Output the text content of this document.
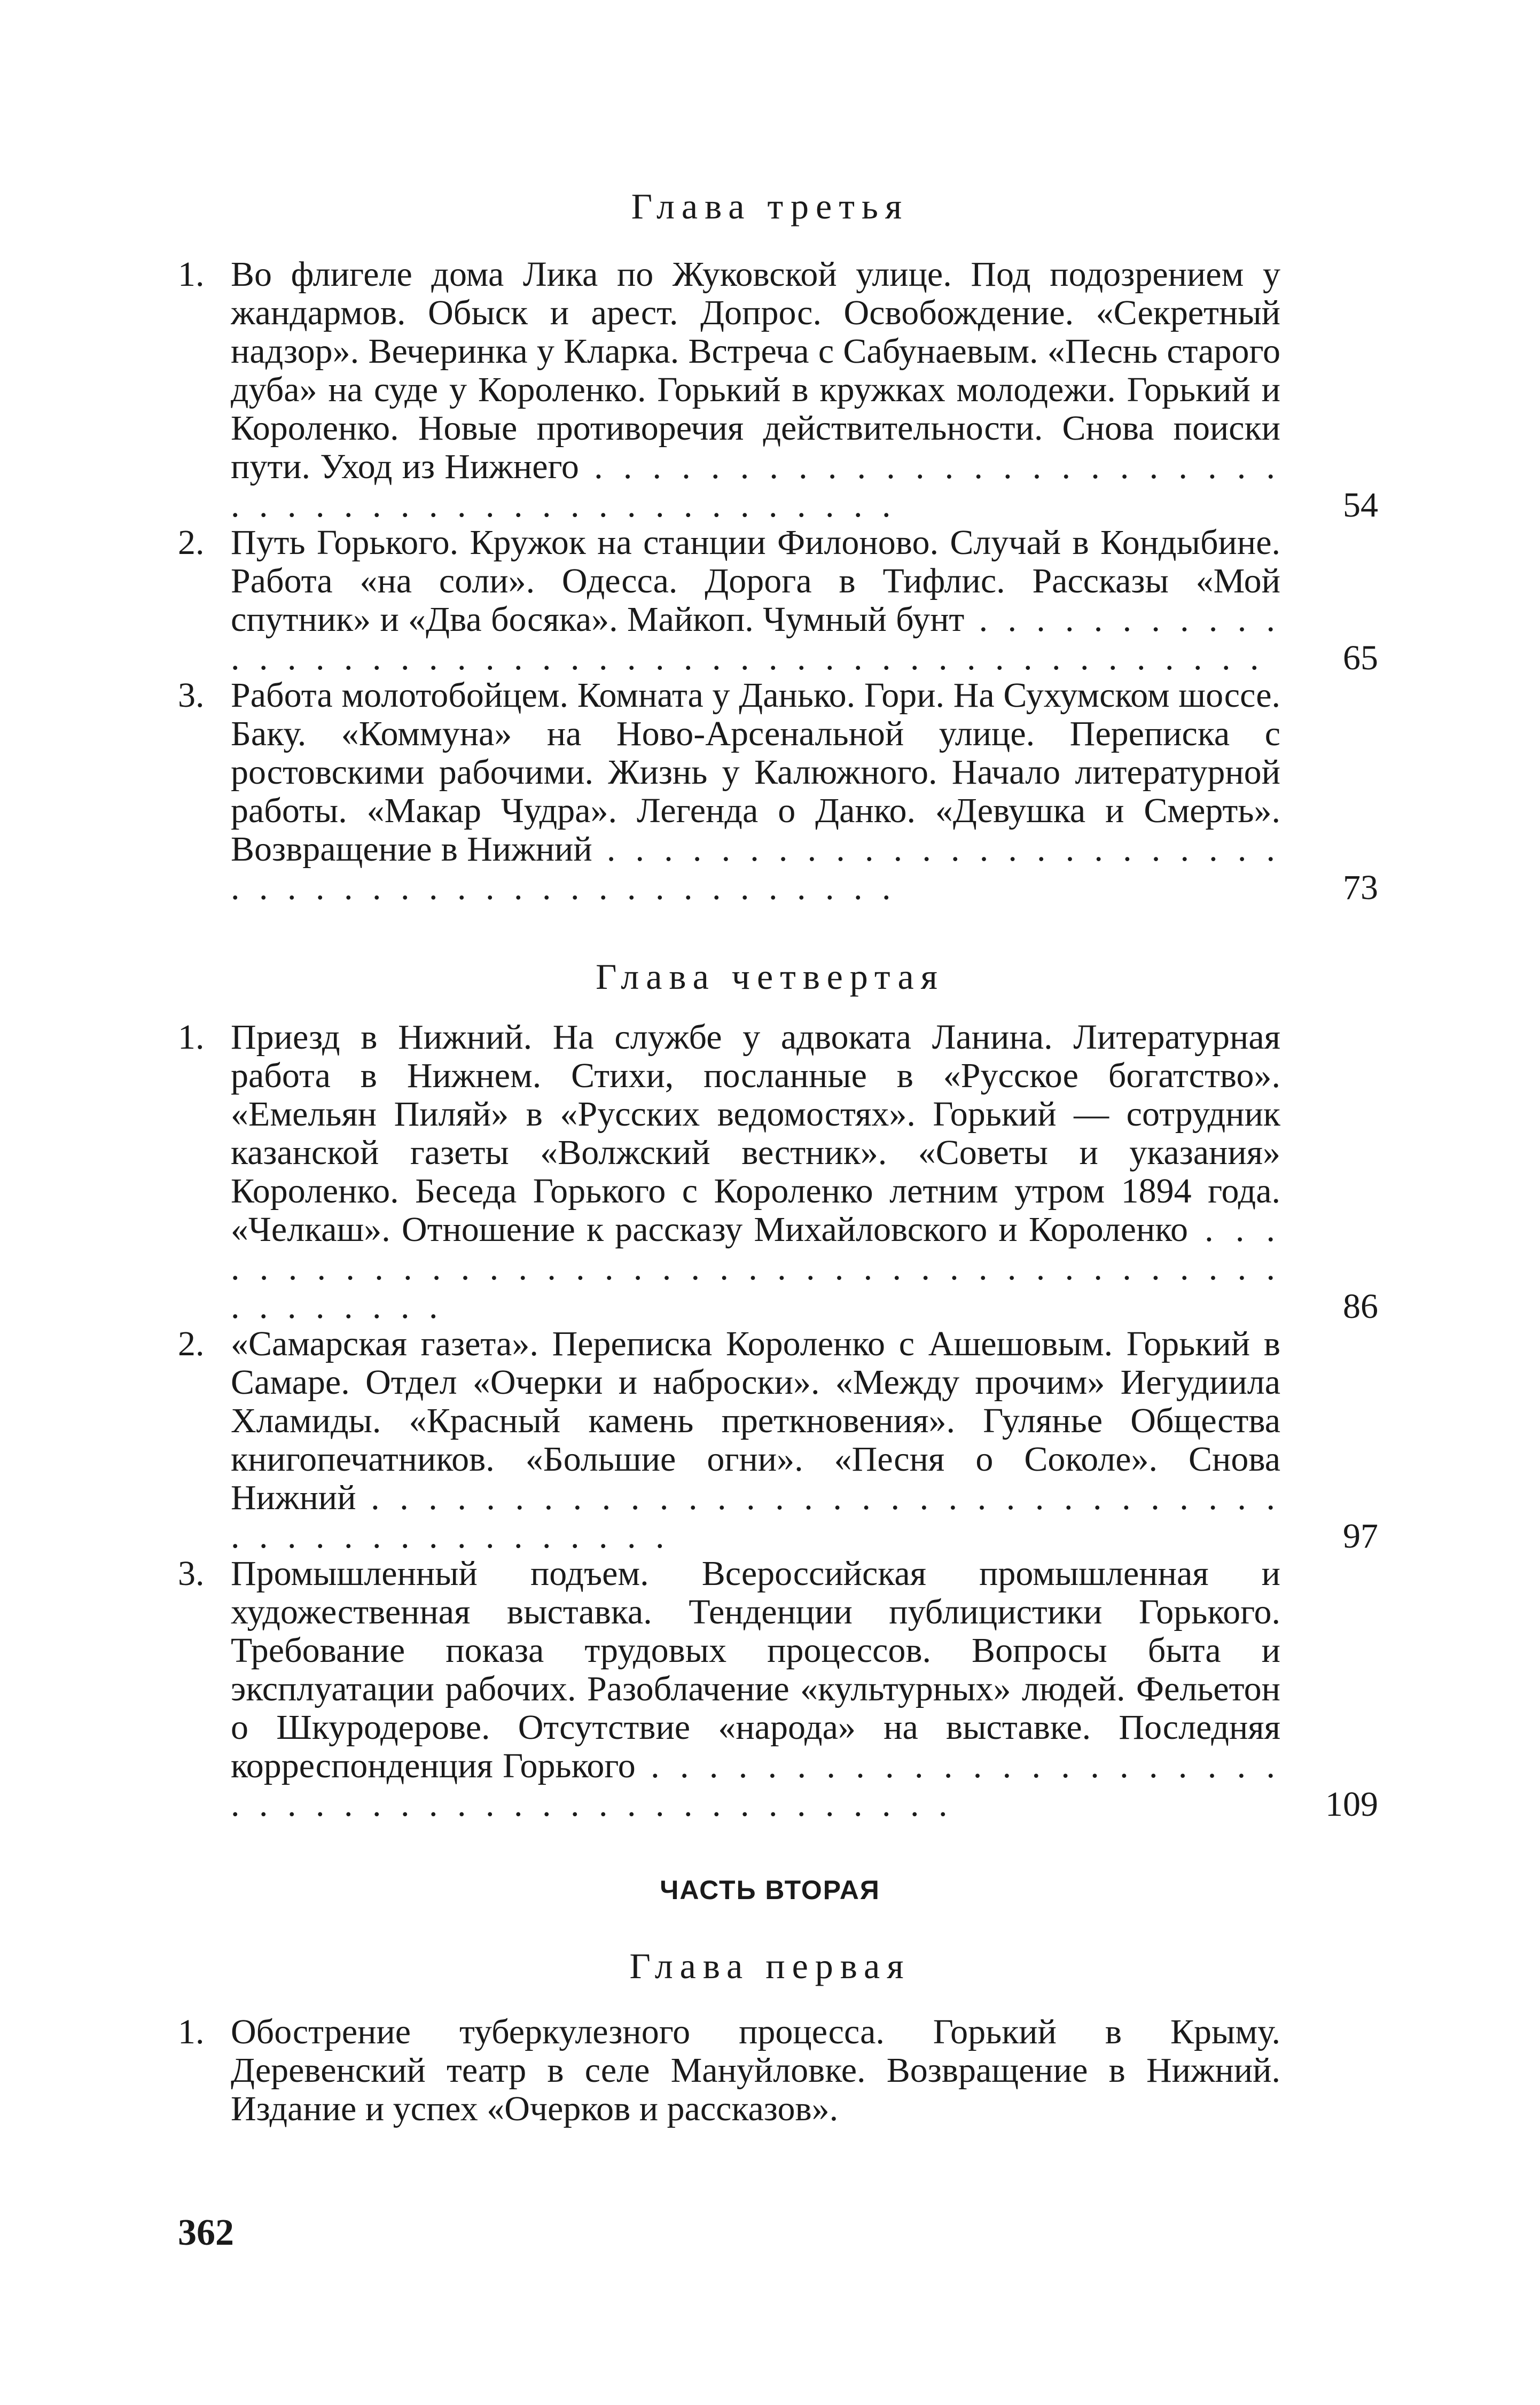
Глава третья
1. Во флигеле дома Лика по Жуковской улице. Под подозрением у жандармов. Обыск и арест. Допрос. Освобождение. «Секретный надзор». Вечеринка у Кларка. Встреча с Сабунаевым. «Песнь старого дуба» на суде у Короленко. Горький в кружках молодежи. Горький и Короленко. Новые противоречия действительности. Снова поиски пути. Уход из Нижнего . . .
54
2. Путь Горького. Кружок на станции Филоново. Случай в Кондыбине. Работа «на соли». Одесса. Дорога в Тифлис. Рассказы «Мой спутник» и «Два босяка». Майкоп. Чумный бунт . . .
65
3. Работа молотобойцем. Комната у Данько. Гори. На Сухумском шоссе. Баку. «Коммуна» на Ново-Арсенальной улице. Переписка с ростовскими рабочими. Жизнь у Калюжного. Начало литературной работы. «Макар Чудра». Легенда о Данко. «Девушка и Смерть». Возвращение в Нижний . . .
73
Глава четвертая
1. Приезд в Нижний. На службе у адвоката Ланина. Литературная работа в Нижнем. Стихи, посланные в «Русское богатство». «Емельян Пиляй» в «Русских ведомостях». Горький — сотрудник казанской газеты «Волжский вестник». «Советы и указания» Короленко. Беседа Горького с Короленко летним утром 1894 года. «Челкаш». Отношение к рассказу Михайловского и Короленко . . .
86
2. «Самарская газета». Переписка Короленко с Ашешовым. Горький в Самаре. Отдел «Очерки и наброски». «Между прочим» Иегудиила Хламиды. «Красный камень преткновения». Гулянье Общества книгопечатников. «Большие огни». «Песня о Соколе». Снова Нижний . . .
97
3. Промышленный подъем. Всероссийская промышленная и художественная выставка. Тенденции публицистики Горького. Требование показа трудовых процессов. Вопросы быта и эксплуатации рабочих. Разоблачение «культурных» людей. Фельетон о Шкуродерове. Отсутствие «народа» на выставке. Последняя корреспонденция Горького . . .
109
ЧАСТЬ ВТОРАЯ
Глава первая
1. Обострение туберкулезного процесса. Горький в Крыму. Деревенский театр в селе Мануйловке. Возвращение в Нижний. Издание и успех «Очерков и рассказов».
362
